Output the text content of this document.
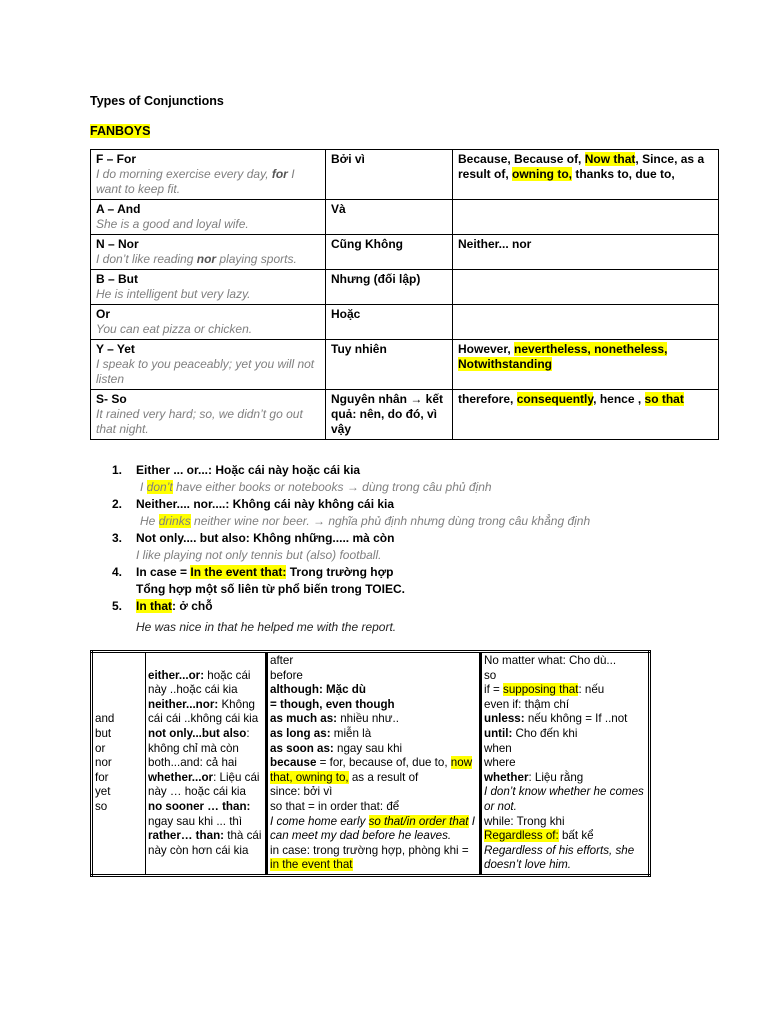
Types of Conjunctions
FANBOYS
F – For
I do morning exercise every day, for I want to keep fit.	Bởi vì	Because, Because of, Now that, Since, as a result of, owning to, thanks to, due to,

A – And
She is a good and loyal wife.	Và	

N – Nor
I don’t like reading nor playing sports.	Cũng Không	Neither... nor

B – But
He is intelligent but very lazy.	Nhưng (đối lập)	

Or
You can eat pizza or chicken.	Hoặc	

Y – Yet
I speak to you peaceably; yet you will not listen	Tuy nhiên	However, nevertheless, nonetheless, Notwithstanding

S- So
It rained very hard; so, we didn’t go out that night.	Nguyên nhân → kết quả: nên, do đó, vì vậy	therefore, consequently, hence , so that
1. Either ... or...: Hoặc cái này hoặc cái kia
I don’t have either books or notebooks → dùng trong câu phủ định
2. Neither.... nor....: Không cái này không cái kia
He drinks neither wine nor beer. → nghĩa phủ định nhưng dùng trong câu khẳng định
3. Not only.... but also: Không những..... mà còn
I like playing not only tennis but (also) football.
4. In case = In the event that: Trong trường hợp
Tổng hợp một số liên từ phổ biến trong TOIEC.
5. In that: ở chỗ
He was nice in that he helped me with the report.
and
but
or
nor
for
yet
so

either...or: hoặc cái này ..hoặc cái kia
neither...nor: Không cái cái ..không cái kia
not only...but also: không chỉ mà còn both...and: cả hai
whether...or: Liệu cái này … hoặc cái kia
no sooner … than: ngay sau khi ... thì
rather… than: thà cái này còn hơn cái kia

after
before
although: Mặc dù
= though, even though
as much as: nhiều như..
as long as: miễn là
as soon as: ngay sau khi
because = for, because of, due to, now that, owning to, as a result of
since: bởi vì
so that = in order that: để
I come home early so that/in order that I can meet my dad before he leaves.
in case: trong trường hợp, phòng khi = in the event that

No matter what: Cho dù...
so
if = supposing that: nếu
even if: thậm chí
unless: nếu không = If ..not
until: Cho đến khi
when
where
whether: Liệu rằng
I don’t know whether he comes or not.
while: Trong khi
Regardless of: bất kể
Regardless of his efforts, she doesn’t love him.
